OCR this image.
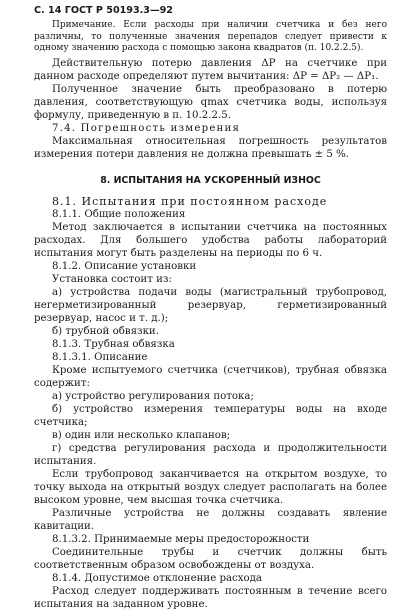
С. 14 ГОСТ Р 50193.3—92

Примечание. Если расходы при наличии счетчика и без него различны, то полученные значения перепадов следует привести к одному значению расхода с помощью закона квадратов (п. 10.2.2.5).

Действительную потерю давления ΔP на счетчике при данном расходе определяют путем вычитания: ΔP = ΔP₂ — ΔP₁.

Полученное значение быть преобразовано в потерю давления, соответствующую qmax счетчика воды, используя формулу, приведенную в п. 10.2.2.5.

7.4. Погрешность измерения

Максимальная относительная погрешность результатов измерения потери давления не должна превышать ± 5 %.

8. ИСПЫТАНИЯ НА УСКОРЕННЫЙ ИЗНОС

8.1. Испытания при постоянном расходе

8.1.1. Общие положения

Метод заключается в испытании счетчика на постоянных расходах. Для большего удобства работы лабораторий испытания могут быть разделены на периоды по 6 ч.

8.1.2. Описание установки

Установка состоит из:

а) устройства подачи воды (магистральный трубопровод, негерметизированный резервуар, герметизированный резервуар, насос и т. д.);

б) трубной обвязки.

8.1.3. Трубная обвязка

8.1.3.1. Описание

Кроме испытуемого счетчика (счетчиков), трубная обвязка содержит:

а) устройство регулирования потока;

б) устройство измерения температуры воды на входе счетчика;

в) один или несколько клапанов;

г) средства регулирования расхода и продолжительности испытания.

Если трубопровод заканчивается на открытом воздухе, то точку выхода на открытый воздух следует располагать на более высоком уровне, чем высшая точка счетчика.

Различные устройства не должны создавать явление кавитации.

8.1.3.2. Принимаемые меры предосторожности

Соединительные трубы и счетчик должны быть соответственным образом освобождены от воздуха.

8.1.4. Допустимое отклонение расхода

Расход следует поддерживать постоянным в течение всего испытания на заданном уровне.
